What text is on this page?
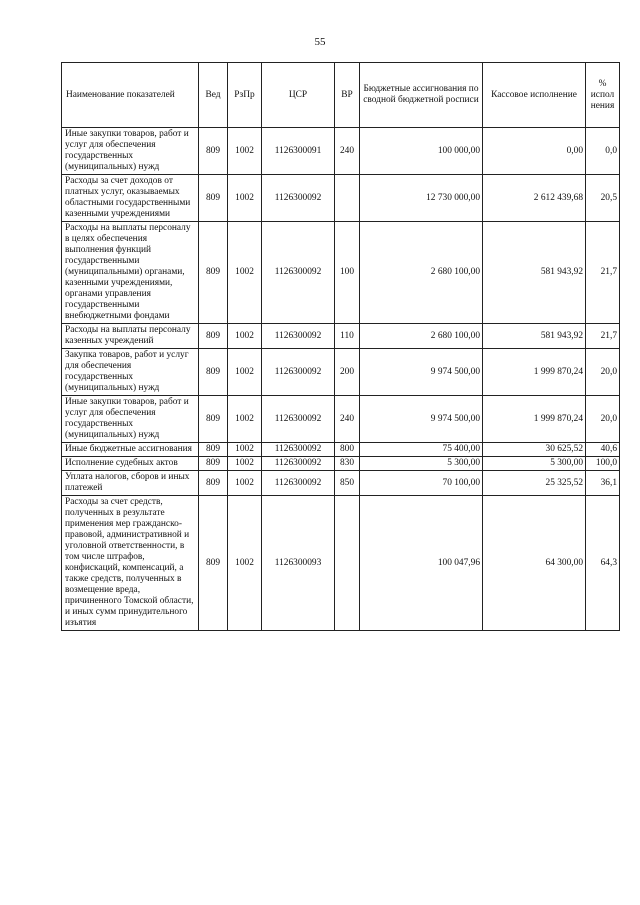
55
Наименование показателей	Вед	РзПр	ЦСР	ВР	Бюджетные ассигнования по сводной бюджетной росписи	Кассовое исполнение	% испол нения
Иные закупки товаров, работ и услуг для обеспечения государственных (муниципальных) нужд	809	1002	1126300091	240	100 000,00	0,00	0,0
Расходы за счет доходов от платных услуг, оказываемых областными государственными казенными учреждениями	809	1002	1126300092		12 730 000,00	2 612 439,68	20,5
Расходы на выплаты персоналу в целях обеспечения выполнения функций государственными (муниципальными) органами, казенными учреждениями, органами управления государственными внебюджетными фондами	809	1002	1126300092	100	2 680 100,00	581 943,92	21,7
Расходы на выплаты персоналу казенных учреждений	809	1002	1126300092	110	2 680 100,00	581 943,92	21,7
Закупка товаров, работ и услуг для обеспечения государственных (муниципальных) нужд	809	1002	1126300092	200	9 974 500,00	1 999 870,24	20,0
Иные закупки товаров, работ и услуг для обеспечения государственных (муниципальных) нужд	809	1002	1126300092	240	9 974 500,00	1 999 870,24	20,0
Иные бюджетные ассигнования	809	1002	1126300092	800	75 400,00	30 625,52	40,6
Исполнение судебных актов	809	1002	1126300092	830	5 300,00	5 300,00	100,0
Уплата налогов, сборов и иных платежей	809	1002	1126300092	850	70 100,00	25 325,52	36,1
Расходы за счет средств, полученных в результате применения мер гражданско-правовой, административной и уголовной ответственности, в том числе штрафов, конфискаций, компенсаций, а также средств, полученных в возмещение вреда, причиненного Томской области, и иных сумм принудительного изъятия	809	1002	1126300093		100 047,96	64 300,00	64,3
